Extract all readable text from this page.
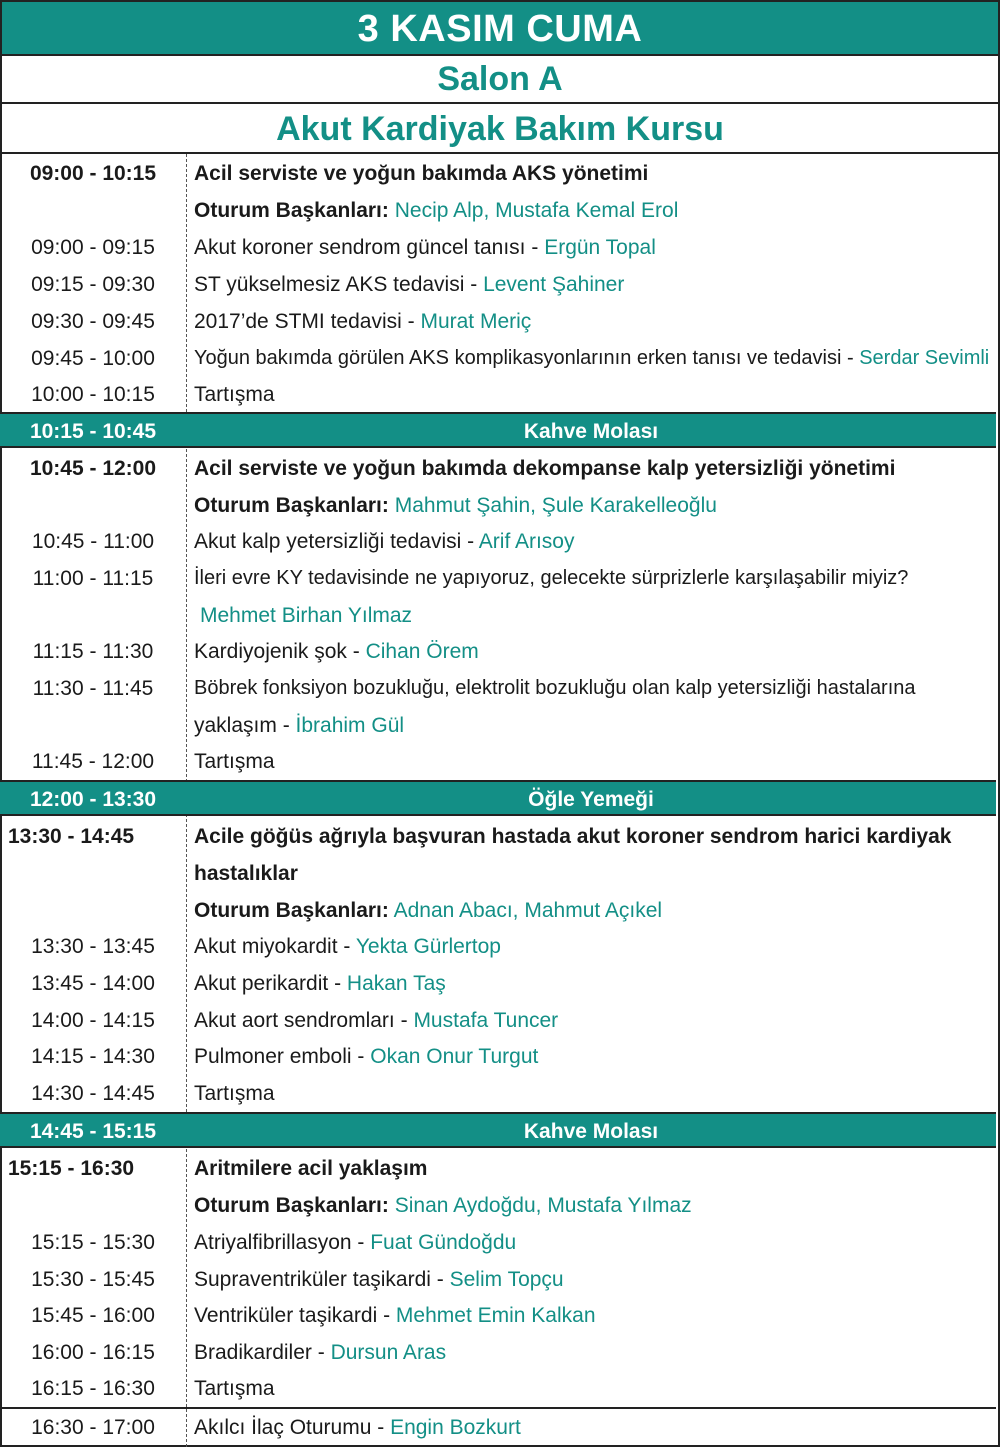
3 KASIM CUMA
Salon A
Akut Kardiyak Bakım Kursu
09:00 - 10:15	Acil serviste ve yoğun bakımda AKS yönetimi
Oturum Başkanları: Necip Alp, Mustafa Kemal Erol
09:00 - 09:15	Akut koroner sendrom güncel tanısı - Ergün Topal
09:15 - 09:30	ST yükselmesiz AKS tedavisi - Levent Şahiner
09:30 - 09:45	2017’de STMI tedavisi - Murat Meriç
09:45 - 10:00	Yoğun bakımda görülen AKS komplikasyonlarının erken tanısı ve tedavisi - Serdar Sevimli
10:00 - 10:15	Tartışma
10:15 - 10:45	Kahve Molası
10:45 - 12:00	Acil serviste ve yoğun bakımda dekompanse kalp yetersizliği yönetimi
Oturum Başkanları: Mahmut Şahin, Şule Karakelleoğlu
10:45 - 11:00	Akut kalp yetersizliği tedavisi - Arif Arısoy
11:00 - 11:15	İleri evre KY tedavisinde ne yapıyoruz, gelecekte sürprizlerle karşılaşabilir miyiz?
Mehmet Birhan Yılmaz
11:15 - 11:30	Kardiyojenik şok - Cihan Örem
11:30 - 11:45	Böbrek fonksiyon bozukluğu, elektrolit bozukluğu olan kalp yetersizliği hastalarına
yaklaşım - İbrahim Gül
11:45 - 12:00	Tartışma
12:00 - 13:30	Öğle Yemeği
13:30 - 14:45	Acile göğüs ağrıyla başvuran hastada akut koroner sendrom harici kardiyak
hastalıklar
Oturum Başkanları: Adnan Abacı, Mahmut Açıkel
13:30 - 13:45	Akut miyokardit - Yekta Gürlertop
13:45 - 14:00	Akut perikardit - Hakan Taş
14:00 - 14:15	Akut aort sendromları - Mustafa Tuncer
14:15 - 14:30	Pulmoner emboli - Okan Onur Turgut
14:30 - 14:45	Tartışma
14:45 - 15:15	Kahve Molası
15:15 - 16:30	Aritmilere acil yaklaşım
Oturum Başkanları: Sinan Aydoğdu, Mustafa Yılmaz
15:15 - 15:30	Atriyalfibrillasyon - Fuat Gündoğdu
15:30 - 15:45	Supraventriküler taşikardi - Selim Topçu
15:45 - 16:00	Ventriküler taşikardi - Mehmet Emin Kalkan
16:00 - 16:15	Bradikardiler - Dursun Aras
16:15 - 16:30	Tartışma
16:30 - 17:00	Akılcı İlaç Oturumu - Engin Bozkurt
